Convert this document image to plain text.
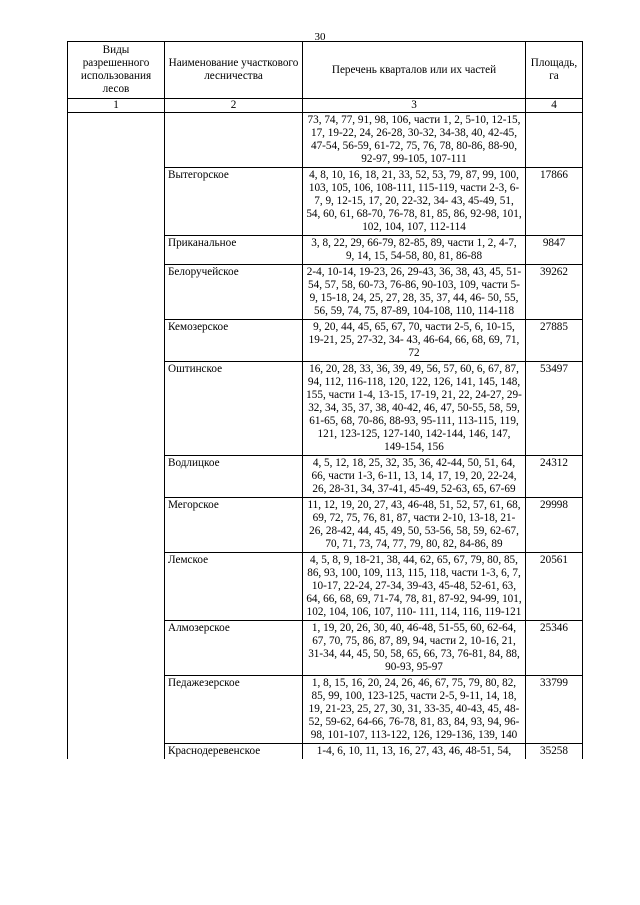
30
Виды разрешенного использования лесов	Наименование участкового лесничества	Перечень кварталов или их частей	Площадь, га
1	2	3	4
		73, 74, 77, 91, 98, 106, части 1, 2, 5-10, 12-15, 17, 19-22, 24, 26-28, 30-32, 34-38, 40, 42-45, 47-54, 56-59, 61-72, 75, 76, 78, 80-86, 88-90, 92-97, 99-105, 107-111	
	Вытегорское	4, 8, 10, 16, 18, 21, 33, 52, 53, 79, 87, 99, 100, 103, 105, 106, 108-111, 115-119, части 2-3, 6-7, 9, 12-15, 17, 20, 22-32, 34- 43, 45-49, 51, 54, 60, 61, 68-70, 76-78, 81, 85, 86, 92-98, 101, 102, 104, 107, 112-114	17866
	Приканальное	3, 8, 22, 29, 66-79, 82-85, 89, части 1, 2, 4-7, 9, 14, 15, 54-58, 80, 81, 86-88	9847
	Белоручейское	2-4, 10-14, 19-23, 26, 29-43, 36, 38, 43, 45, 51-54, 57, 58, 60-73, 76-86, 90-103, 109, части 5-9, 15-18, 24, 25, 27, 28, 35, 37, 44, 46- 50, 55, 56, 59, 74, 75, 87-89, 104-108, 110, 114-118	39262
	Кемозерское	9, 20, 44, 45, 65, 67, 70, части 2-5, 6, 10-15, 19-21, 25, 27-32, 34- 43, 46-64, 66, 68, 69, 71, 72	27885
	Оштинское	16, 20, 28, 33, 36, 39, 49, 56, 57, 60, 6, 67, 87, 94, 112, 116-118, 120, 122, 126, 141, 145, 148, 155, части 1-4, 13-15, 17-19, 21, 22, 24-27, 29-32, 34, 35, 37, 38, 40-42, 46, 47, 50-55, 58, 59, 61-65, 68, 70-86, 88-93, 95-111, 113-115, 119, 121, 123-125, 127-140, 142-144, 146, 147, 149-154, 156	53497
	Водлицкое	4, 5, 12, 18, 25, 32, 35, 36, 42-44, 50, 51, 64, 66, части 1-3, 6-11, 13, 14, 17, 19, 20, 22-24, 26, 28-31, 34, 37-41, 45-49, 52-63, 65, 67-69	24312
	Мегорское	11, 12, 19, 20, 27, 43, 46-48, 51, 52, 57, 61, 68, 69, 72, 75, 76, 81, 87, части 2-10, 13-18, 21-26, 28-42, 44, 45, 49, 50, 53-56, 58, 59, 62-67, 70, 71, 73, 74, 77, 79, 80, 82, 84-86, 89	29998
	Лемское	4, 5, 8, 9, 18-21, 38, 44, 62, 65, 67, 79, 80, 85, 86, 93, 100, 109, 113, 115, 118, части 1-3, 6, 7, 10-17, 22-24, 27-34, 39-43, 45-48, 52-61, 63, 64, 66, 68, 69, 71-74, 78, 81, 87-92, 94-99, 101, 102, 104, 106, 107, 110- 111, 114, 116, 119-121	20561
	Алмозерское	1, 19, 20, 26, 30, 40, 46-48, 51-55, 60, 62-64, 67, 70, 75, 86, 87, 89, 94, части 2, 10-16, 21, 31-34, 44, 45, 50, 58, 65, 66, 73, 76-81, 84, 88, 90-93, 95-97	25346
	Педажезерское	1, 8, 15, 16, 20, 24, 26, 46, 67, 75, 79, 80, 82, 85, 99, 100, 123-125, части 2-5, 9-11, 14, 18, 19, 21-23, 25, 27, 30, 31, 33-35, 40-43, 45, 48-52, 59-62, 64-66, 76-78, 81, 83, 84, 93, 94, 96-98, 101-107, 113-122, 126, 129-136, 139, 140	33799
	Краснодеревенское	1-4, 6, 10, 11, 13, 16, 27, 43, 46, 48-51, 54,	35258
